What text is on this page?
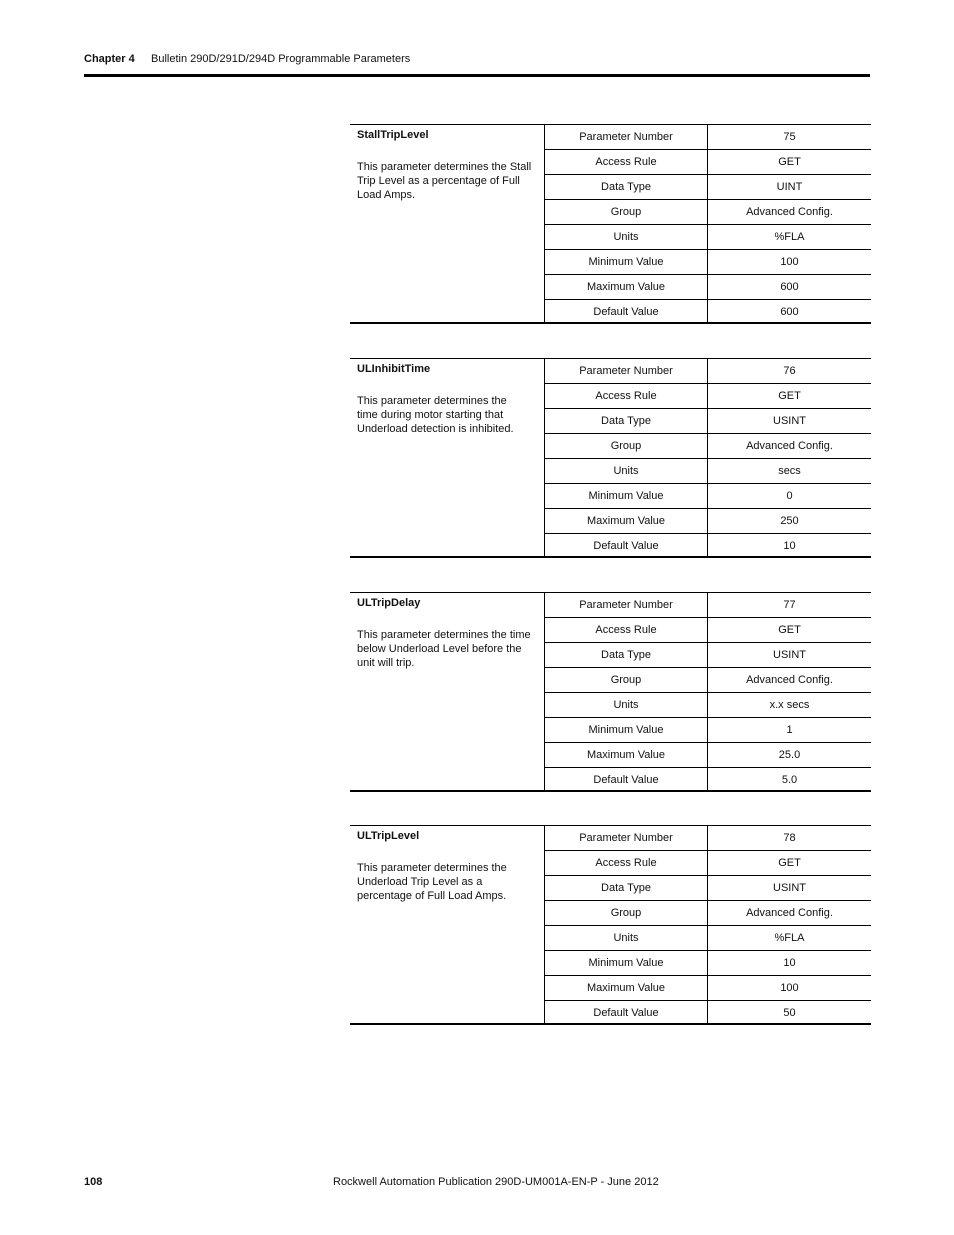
Chapter 4 Bulletin 290D/291D/294D Programmable Parameters
StallTripLevel
This parameter determines the Stall Trip Level as a percentage of Full Load Amps.
Parameter Number	75
Access Rule	GET
Data Type	UINT
Group	Advanced Config.
Units	%FLA
Minimum Value	100
Maximum Value	600
Default Value	600
ULInhibitTime
This parameter determines the time during motor starting that Underload detection is inhibited.
Parameter Number	76
Access Rule	GET
Data Type	USINT
Group	Advanced Config.
Units	secs
Minimum Value	0
Maximum Value	250
Default Value	10
ULTripDelay
This parameter determines the time below Underload Level before the unit will trip.
Parameter Number	77
Access Rule	GET
Data Type	USINT
Group	Advanced Config.
Units	x.x secs
Minimum Value	1
Maximum Value	25.0
Default Value	5.0
ULTripLevel
This parameter determines the Underload Trip Level as a percentage of Full Load Amps.
Parameter Number	78
Access Rule	GET
Data Type	USINT
Group	Advanced Config.
Units	%FLA
Minimum Value	10
Maximum Value	100
Default Value	50
108	Rockwell Automation Publication 290D-UM001A-EN-P - June 2012
